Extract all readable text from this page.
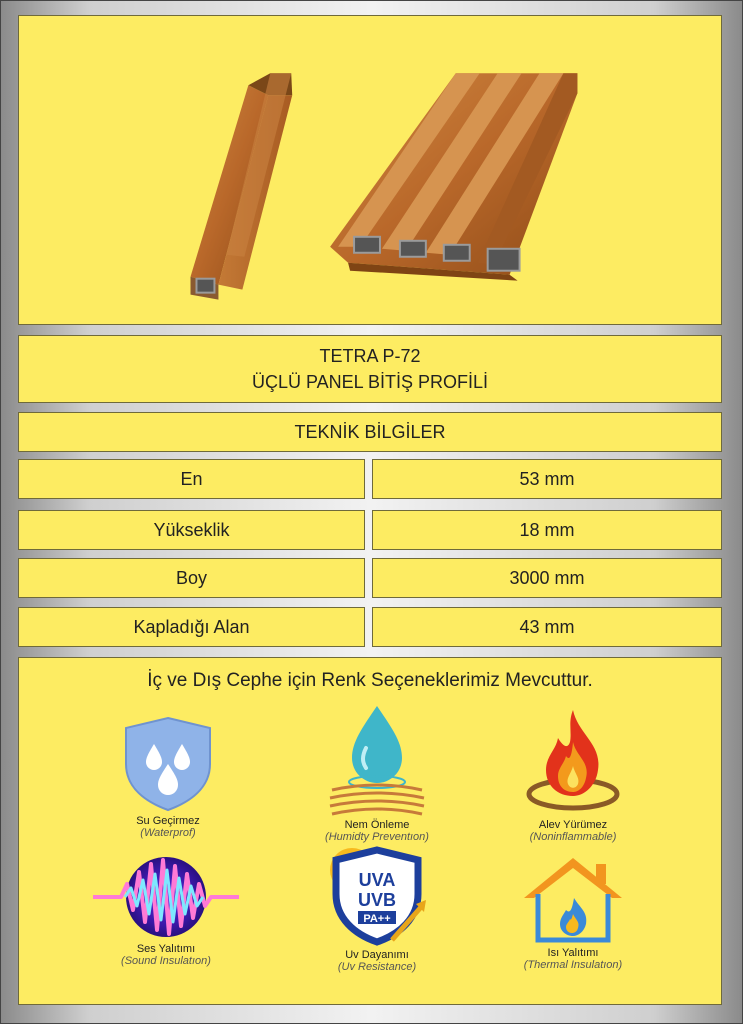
TETRA P-72
ÜÇLÜ PANEL BİTİŞ PROFİLİ
TEKNİK BİLGİLER
En	53 mm
Yükseklik	18 mm
Boy	3000 mm
Kapladığı Alan	43 mm
İç ve Dış Cephe için Renk Seçeneklerimiz Mevcuttur.
Su Geçirmez
(Waterprof)
Nem Önleme
(Humidty Preventıon)
Alev Yürümez
(Noninflammable)
Ses Yalıtımı
(Sound Insulatıon)
UVA
UVB
PA++
Uv Dayanımı
(Uv Resistance)
Isı Yalıtımı
(Thermal Insulatıon)
